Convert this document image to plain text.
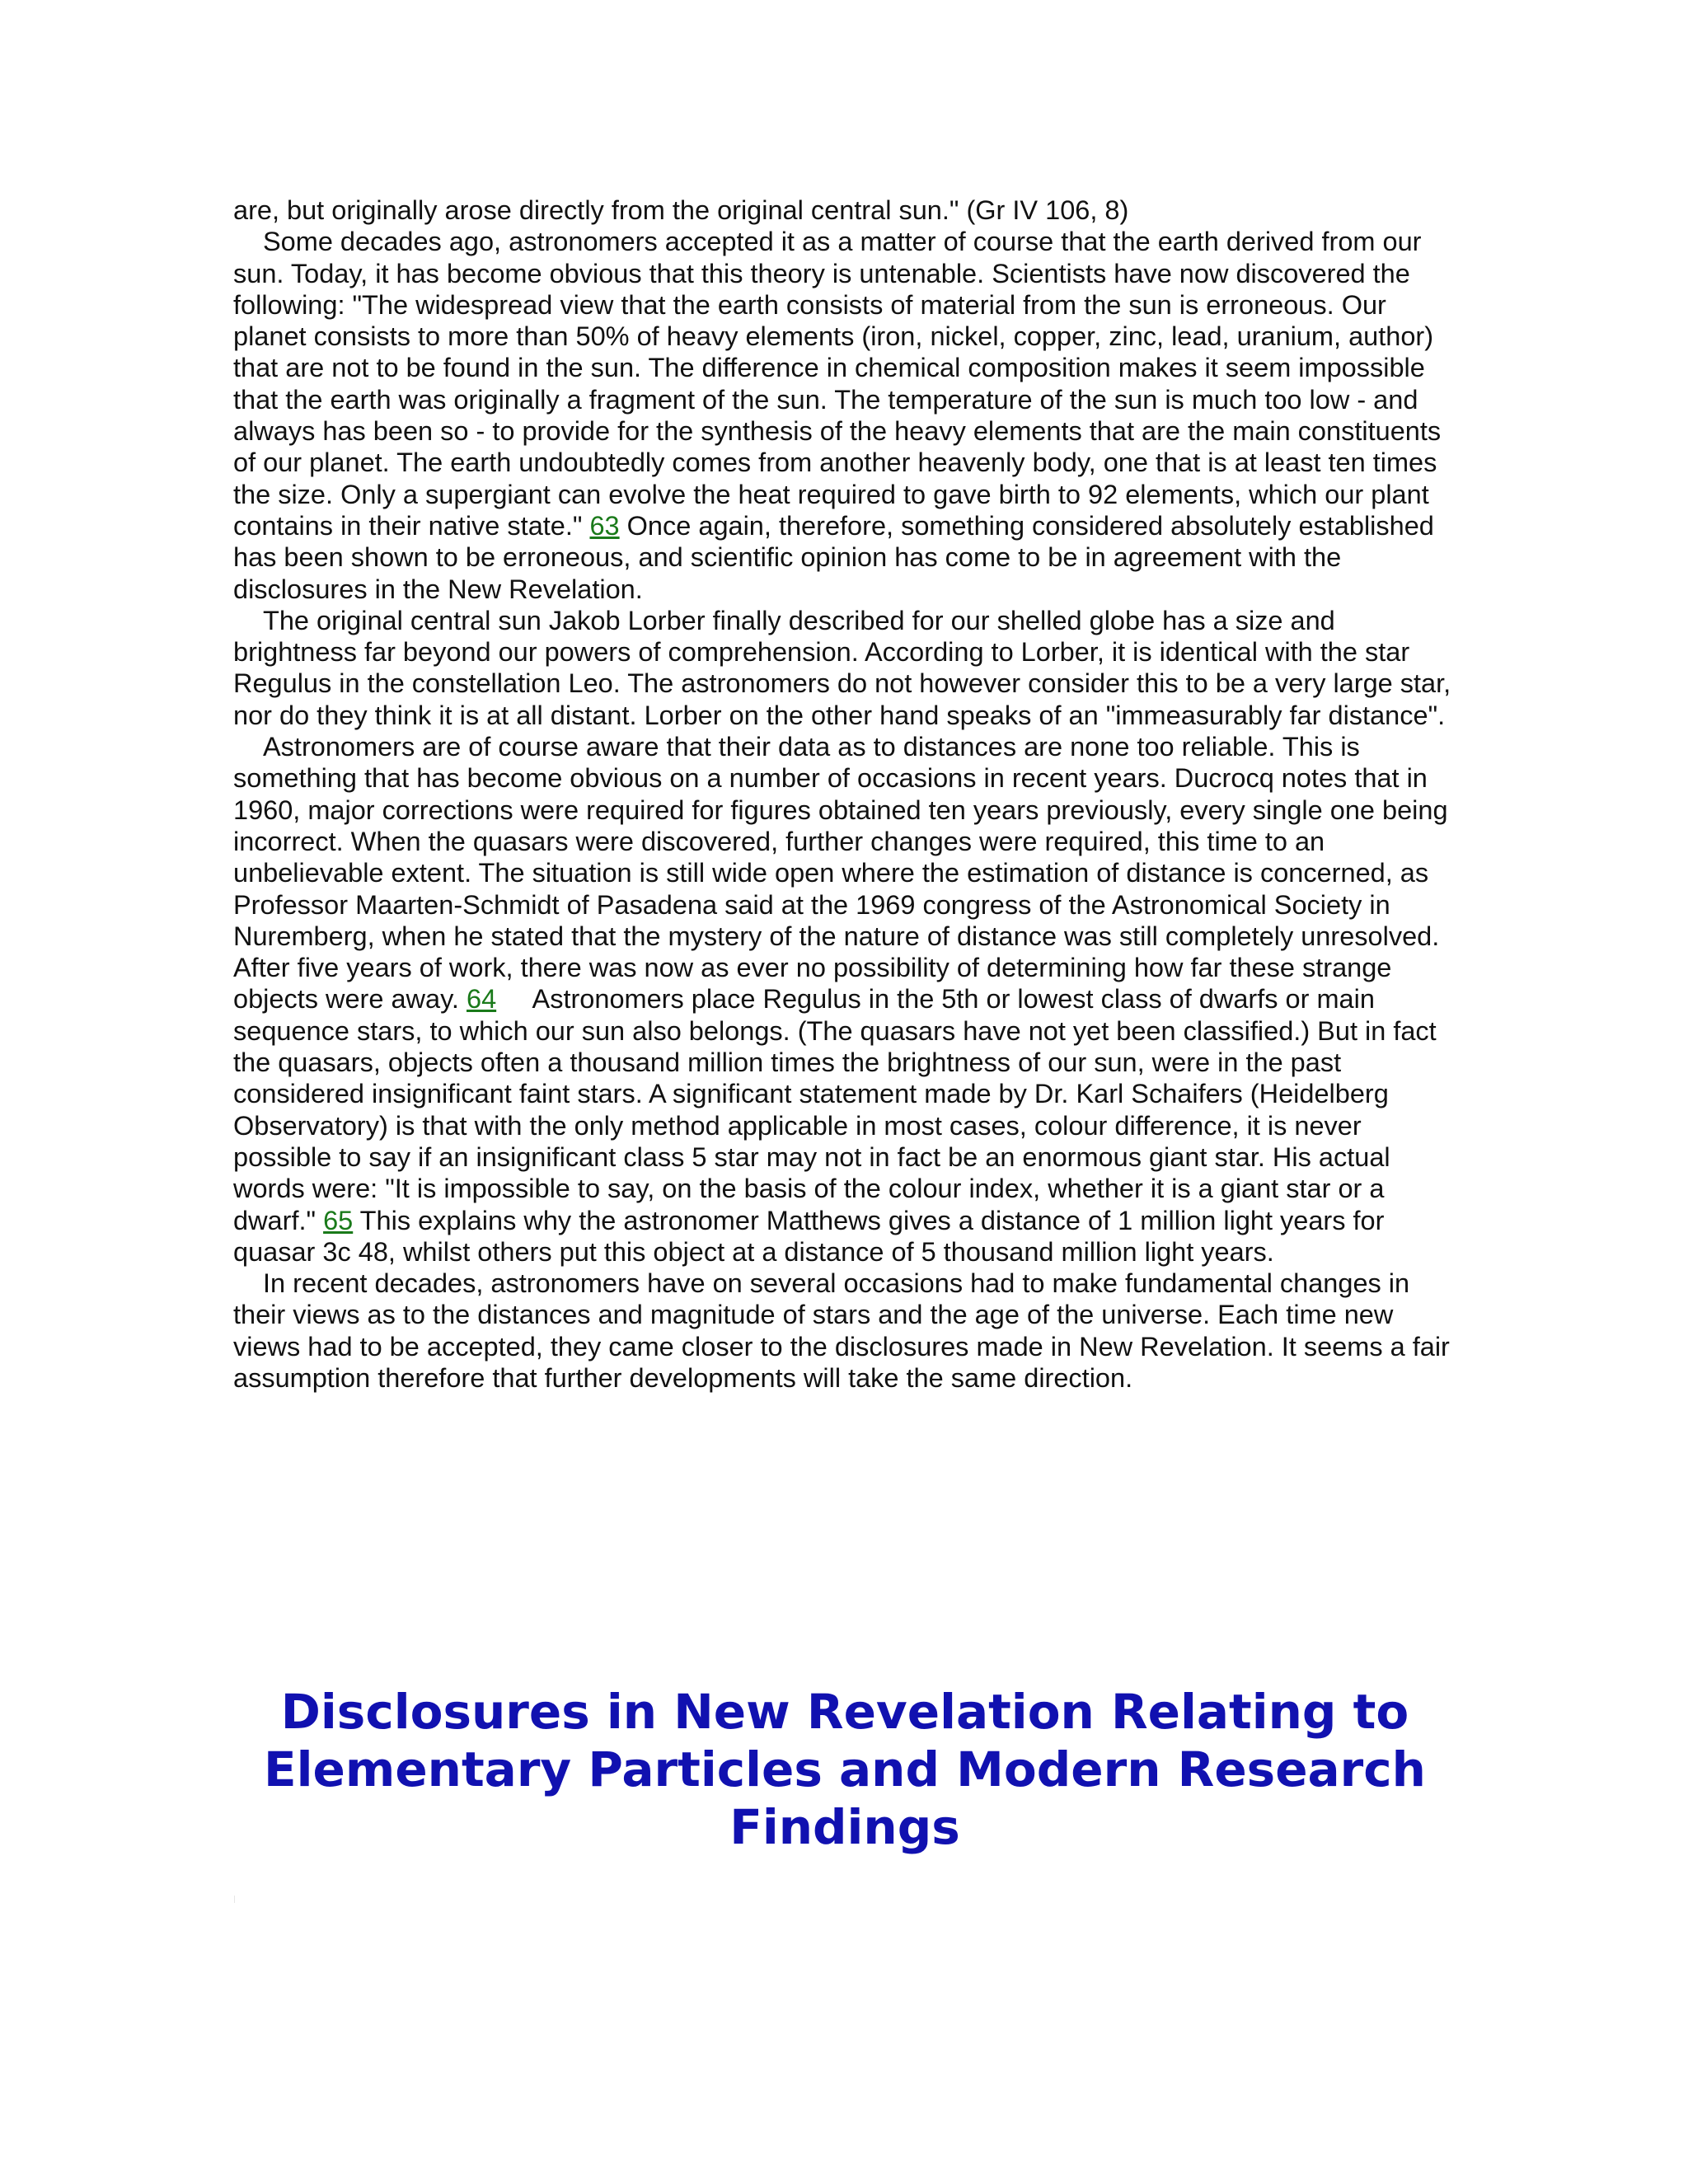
are, but originally arose directly from the original central sun." (Gr IV 106, 8)

Some decades ago, astronomers accepted it as a matter of course that the earth derived from our sun. Today, it has become obvious that this theory is untenable. Scientists have now discovered the following: "The widespread view that the earth consists of material from the sun is erroneous. Our planet consists to more than 50% of heavy elements (iron, nickel, copper, zinc, lead, uranium, author) that are not to be found in the sun. The difference in chemical composition makes it seem impossible that the earth was originally a fragment of the sun. The temperature of the sun is much too low - and always has been so - to provide for the synthesis of the heavy elements that are the main constituents of our planet. The earth undoubtedly comes from another heavenly body, one that is at least ten times the size. Only a supergiant can evolve the heat required to gave birth to 92 elements, which our plant contains in their native state." 63 Once again, therefore, something considered absolutely established has been shown to be erroneous, and scientific opinion has come to be in agreement with the disclosures in the New Revelation.

The original central sun Jakob Lorber finally described for our shelled globe has a size and brightness far beyond our powers of comprehension. According to Lorber, it is identical with the star Regulus in the constellation Leo. The astronomers do not however consider this to be a very large star, nor do they think it is at all distant. Lorber on the other hand speaks of an "immeasurably far distance".

Astronomers are of course aware that their data as to distances are none too reliable. This is something that has become obvious on a number of occasions in recent years. Ducrocq notes that in 1960, major corrections were required for figures obtained ten years previously, every single one being incorrect. When the quasars were discovered, further changes were required, this time to an unbelievable extent. The situation is still wide open where the estimation of distance is concerned, as Professor Maarten-Schmidt of Pasadena said at the 1969 congress of the Astronomical Society in Nuremberg, when he stated that the mystery of the nature of distance was still completely unresolved. After five years of work, there was now as ever no possibility of determining how far these strange objects were away. 64     Astronomers place Regulus in the 5th or lowest class of dwarfs or main sequence stars, to which our sun also belongs. (The quasars have not yet been classified.) But in fact the quasars, objects often a thousand million times the brightness of our sun, were in the past considered insignificant faint stars. A significant statement made by Dr. Karl Schaifers (Heidelberg Observatory) is that with the only method applicable in most cases, colour difference, it is never possible to say if an insignificant class 5 star may not in fact be an enormous giant star. His actual words were: "It is impossible to say, on the basis of the colour index, whether it is a giant star or a dwarf." 65 This explains why the astronomer Matthews gives a distance of 1 million light years for quasar 3c 48, whilst others put this object at a distance of 5 thousand million light years.

In recent decades, astronomers have on several occasions had to make fundamental changes in their views as to the distances and magnitude of stars and the age of the universe. Each time new views had to be accepted, they came closer to the disclosures made in New Revelation. It seems a fair assumption therefore that further developments will take the same direction.

Disclosures in New Revelation Relating to Elementary Particles and Modern Research Findings
